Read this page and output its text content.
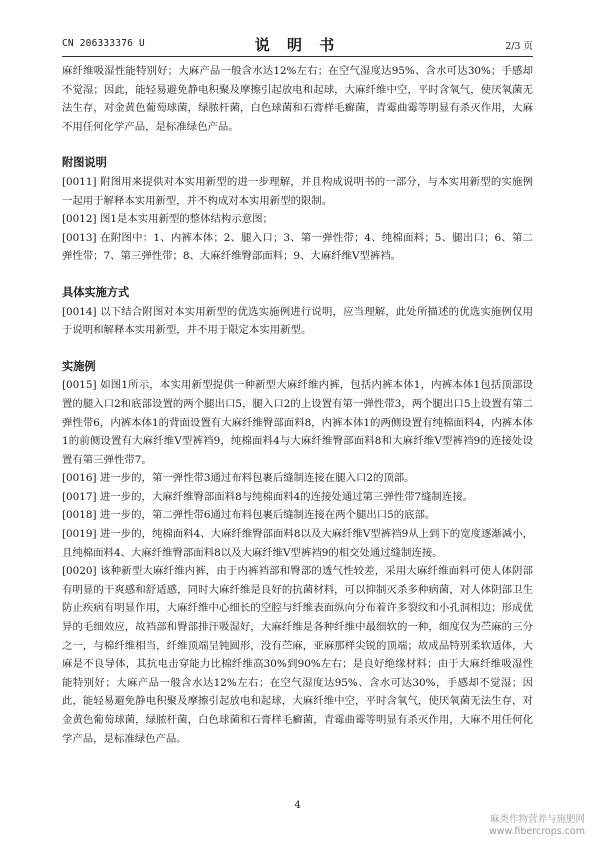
CN 206333376 U	说 明 书	2/3 页

麻纤维吸湿性能特别好；大麻产品一般含水达12%左右；在空气湿度达95%、含水可达30%；手感却不觉湿；因此，能轻易避免静电积聚及摩擦引起放电和起球，大麻纤维中空，平时含氧气，使厌氧菌无法生存，对金黄色葡萄球菌，绿脓杆菌，白色球菌和石膏样毛癣菌，青霉曲霉等明显有杀灭作用，大麻不用任何化学产品，是标准绿色产品。

附图说明

[0011] 附图用来提供对本实用新型的进一步理解，并且构成说明书的一部分，与本实用新型的实施例一起用于解释本实用新型，并不构成对本实用新型的限制。

[0012] 图1是本实用新型的整体结构示意图；

[0013] 在附图中：1、内裤本体；2、腿入口；3、第一弹性带；4、纯棉面料；5、腿出口；6、第二弹性带；7、第三弹性带；8、大麻纤维臀部面料；9、大麻纤维V型裤裆。

具体实施方式

[0014] 以下结合附图对本实用新型的优选实施例进行说明，应当理解，此处所描述的优选实施例仅用于说明和解释本实用新型，并不用于限定本实用新型。

实施例

[0015] 如图1所示，本实用新型提供一种新型大麻纤维内裤，包括内裤本体1，内裤本体1包括顶部设置的腿入口2和底部设置的两个腿出口5，腿入口2的上设置有第一弹性带3，两个腿出口5上设置有第二弹性带6，内裤本体1的背面设置有大麻纤维臀部面料8，内裤本体1的两侧设置有纯棉面料4，内裤本体1的前侧设置有大麻纤维V型裤裆9，纯棉面料4与大麻纤维臀部面料8和大麻纤维V型裤裆9的连接处设置有第三弹性带7。

[0016] 进一步的，第一弹性带3通过布料包裹后缝制连接在腿入口2的顶部。

[0017] 进一步的，大麻纤维臀部面料8与纯棉面料4的连接处通过第三弹性带7缝制连接。

[0018] 进一步的，第二弹性带6通过布料包裹后缝制连接在两个腿出口5的底部。

[0019] 进一步的，纯棉面料4、大麻纤维臀部面料8以及大麻纤维V型裤裆9从上到下的宽度逐渐减小，且纯棉面料4、大麻纤维臀部面料8以及大麻纤维V型裤裆9的相交处通过缝制连接。

[0020] 该种新型大麻纤维内裤，由于内裤裆部和臀部的透气性较差，采用大麻纤维面料可使人体阴部有明显的干爽感和舒适感，同时大麻纤维是良好的抗菌材料，可以抑制灭杀多种病菌，对人体阴部卫生防止疾病有明显作用，大麻纤维中心细长的空腔与纤维表面纵向分布着许多裂纹和小孔洞相边；形成优异的毛细效应，故裆部和臀部排汗吸湿好，大麻纤维是各种纤维中最细软的一种，细度仅为苎麻的三分之一，与棉纤维相当，纤维顶端呈钝圆形，没有苎麻，亚麻那样尖锐的顶端；故成品特别柔软适体，大麻是不良导体，其抗电击穿能力比棉纤维高30%到90%左右；是良好绝缘材料；由于大麻纤维吸湿性能特别好；大麻产品一般含水达12%左右；在空气湿度达95%、含水可达30%，手感却不觉湿；因此，能轻易避免静电积聚及摩擦引起放电和起球，大麻纤维中空，平时含氧气，使厌氧菌无法生存，对金黄色葡萄球菌，绿脓杆菌，白色球菌和石膏样毛癣菌，青霉曲霉等明显有杀灭作用，大麻不用任何化学产品，是标准绿色产品。

4
麻类作物营养与施肥网
www.fibercrops.com
